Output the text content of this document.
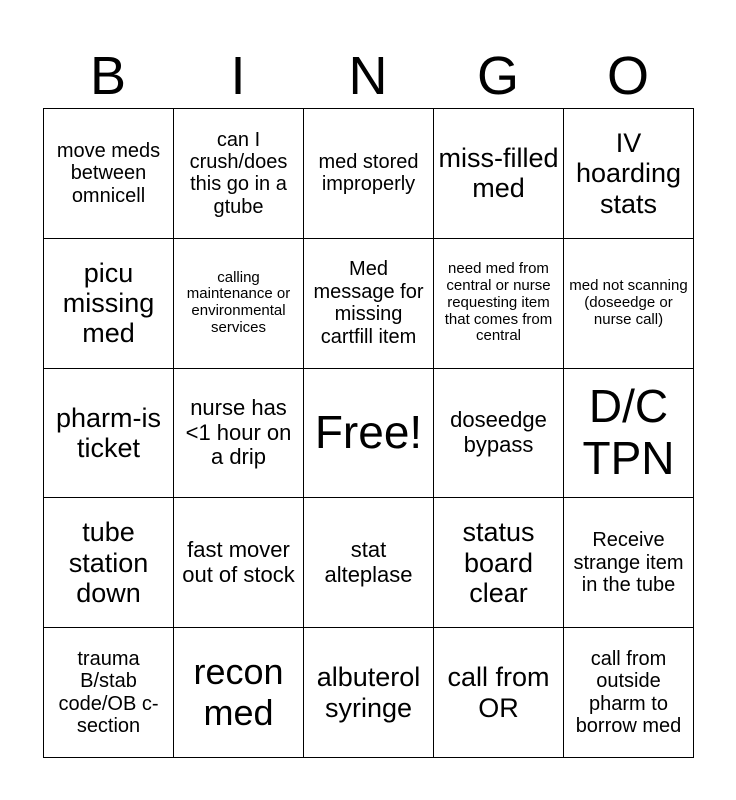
B	I	N	G	O
move meds between omnicell	can I crush/does this go in a gtube	med stored improperly	miss-filled med	IV hoarding stats
picu missing med	calling maintenance or environmental services	Med message for missing cartfill item	need med from central or nurse requesting item that comes from central	med not scanning (doseedge or nurse call)
pharm-is ticket	nurse has <1 hour on a drip	Free!	doseedge bypass	D/C TPN
tube station down	fast mover out of stock	stat alteplase	status board clear	Receive strange item in the tube
trauma B/stab code/OB c-section	recon med	albuterol syringe	call from OR	call from outside pharm to borrow med
